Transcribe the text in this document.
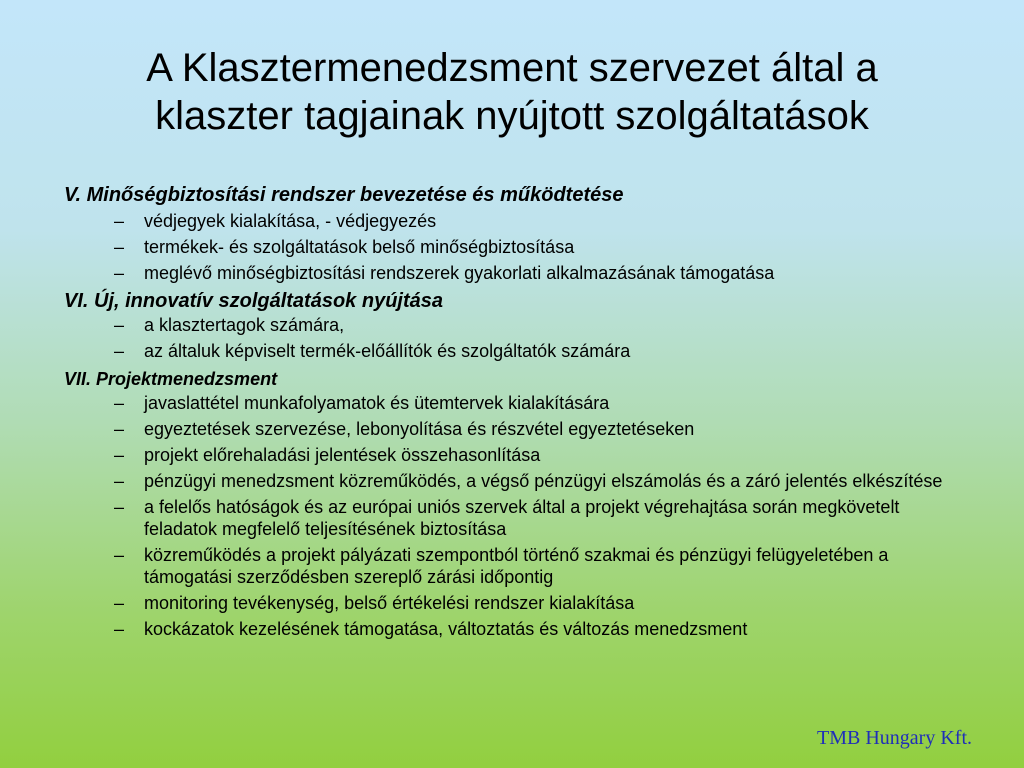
A Klasztermenedzsment szervezet által a
klaszter tagjainak nyújtott szolgáltatások

V. Minőségbiztosítási rendszer bevezetése és működtetése

– védjegyek kialakítása, - védjegyezés
– termékek- és szolgáltatások belső minőségbiztosítása
– meglévő minőségbiztosítási rendszerek gyakorlati alkalmazásának támogatása

VI. Új, innovatív szolgáltatások nyújtása

– a klasztertagok számára,
– az általuk képviselt termék-előállítók és szolgáltatók számára

VII. Projektmenedzsment

– javaslattétel munkafolyamatok és ütemtervek kialakítására
– egyeztetések szervezése, lebonyolítása és részvétel egyeztetéseken
– projekt előrehaladási jelentések összehasonlítása
– pénzügyi menedzsment közreműködés, a végső pénzügyi elszámolás és a záró jelentés elkészítése
– a felelős hatóságok és az európai uniós szervek által a projekt végrehajtása során megkövetelt feladatok megfelelő teljesítésének biztosítása
– közreműködés a projekt pályázati szempontból történő szakmai és pénzügyi felügyeletében a támogatási szerződésben szereplő zárási időpontig
– monitoring tevékenység, belső értékelési rendszer kialakítása
– kockázatok kezelésének támogatása, változtatás és változás menedzsment
TMB Hungary Kft.
